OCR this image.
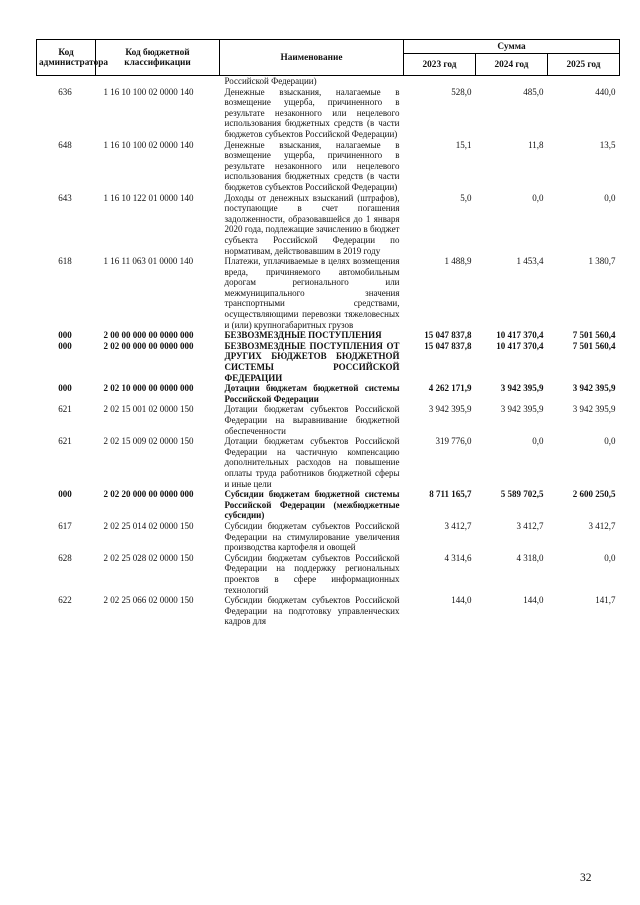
Код администратора	Код бюджетной классификации	Наименование	Сумма		
			2023 год	2024 год	2025 год
		Российской Федерации)			
636	1 16 10 100 02 0000 140	Денежные взыскания, налагаемые в возмещение ущерба, причиненного в результате незаконного или нецелевого использования бюджетных средств (в части бюджетов субъектов Российской Федерации)	528,0	485,0	440,0
648	1 16 10 100 02 0000 140	Денежные взыскания, налагаемые в возмещение ущерба, причиненного в результате незаконного или нецелевого использования бюджетных средств (в части бюджетов субъектов Российской Федерации)	15,1	11,8	13,5
643	1 16 10 122 01 0000 140	Доходы от денежных взысканий (штрафов), поступающие в счет погашения задолженности, образовавшейся до 1 января 2020 года, подлежащие зачислению в бюджет субъекта Российской Федерации по нормативам, действовавшим в 2019 году	5,0	0,0	0,0
618	1 16 11 063 01 0000 140	Платежи, уплачиваемые в целях возмещения вреда, причиняемого автомобильным дорогам регионального или межмуниципального значения транспортными средствами, осуществляющими перевозки тяжеловесных и (или) крупногабаритных грузов	1 488,9	1 453,4	1 380,7
000	2 00 00 000 00 0000 000	БЕЗВОЗМЕЗДНЫЕ ПОСТУПЛЕНИЯ	15 047 837,8	10 417 370,4	7 501 560,4
000	2 02 00 000 00 0000 000	БЕЗВОЗМЕЗДНЫЕ ПОСТУПЛЕНИЯ ОТ ДРУГИХ БЮДЖЕТОВ БЮДЖЕТНОЙ СИСТЕМЫ РОССИЙСКОЙ ФЕДЕРАЦИИ	15 047 837,8	10 417 370,4	7 501 560,4
000	2 02 10 000 00 0000 000	Дотации бюджетам бюджетной системы Российской Федерации	4 262 171,9	3 942 395,9	3 942 395,9
621	2 02 15 001 02 0000 150	Дотации бюджетам субъектов Российской Федерации на выравнивание бюджетной обеспеченности	3 942 395,9	3 942 395,9	3 942 395,9
621	2 02 15 009 02 0000 150	Дотации бюджетам субъектов Российской Федерации на частичную компенсацию дополнительных расходов на повышение оплаты труда работников бюджетной сферы и иные цели	319 776,0	0,0	0,0
000	2 02 20 000 00 0000 000	Субсидии бюджетам бюджетной системы Российской Федерации (межбюджетные субсидии)	8 711 165,7	5 589 702,5	2 600 250,5
617	2 02 25 014 02 0000 150	Субсидии бюджетам субъектов Российской Федерации на стимулирование увеличения производства картофеля и овощей	3 412,7	3 412,7	3 412,7
628	2 02 25 028 02 0000 150	Субсидии бюджетам субъектов Российской Федерации на поддержку региональных проектов в сфере информационных технологий	4 314,6	4 318,0	0,0
622	2 02 25 066 02 0000 150	Субсидии бюджетам субъектов Российской Федерации на подготовку управленческих кадров для	144,0	144,0	141,7
32
